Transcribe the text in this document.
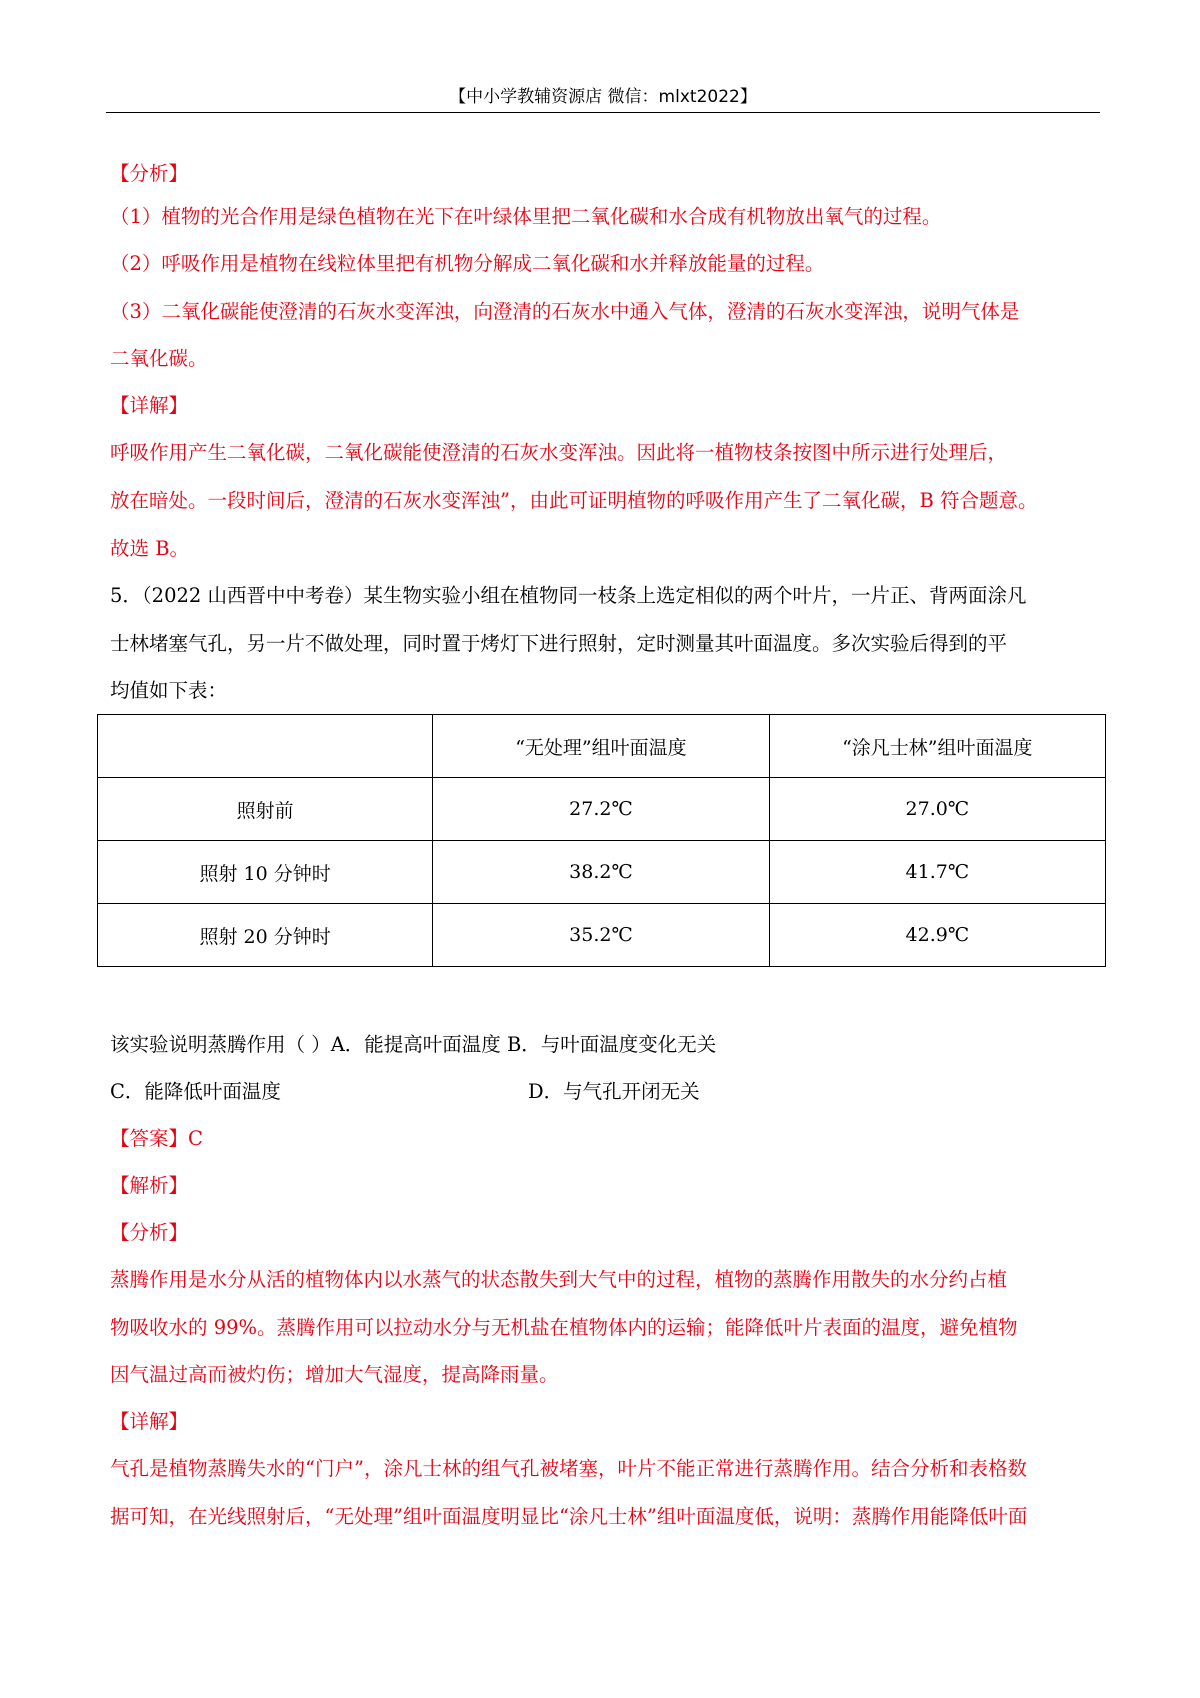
【中小学教辅资源店 微信：mlxt2022】
【分析】
（1）植物的光合作用是绿色植物在光下在叶绿体里把二氧化碳和水合成有机物放出氧气的过程。
（2）呼吸作用是植物在线粒体里把有机物分解成二氧化碳和水并释放能量的过程。
（3）二氧化碳能使澄清的石灰水变浑浊，向澄清的石灰水中通入气体，澄清的石灰水变浑浊，说明气体是
二氧化碳。
【详解】
呼吸作用产生二氧化碳，二氧化碳能使澄清的石灰水变浑浊。因此将一植物枝条按图中所示进行处理后，
放在暗处。一段时间后，澄清的石灰水变浑浊”，由此可证明植物的呼吸作用产生了二氧化碳，B 符合题意。
故选 B。
5．（2022 山西晋中中考卷）某生物实验小组在植物同一枝条上选定相似的两个叶片，一片正、背两面涂凡
士林堵塞气孔，另一片不做处理，同时置于烤灯下进行照射，定时测量其叶面温度。多次实验后得到的平
均值如下表：
	“无处理”组叶面温度	“涂凡士林”组叶面温度
照射前	27.2℃	27.0℃
照射 10 分钟时	38.2℃	41.7℃
照射 20 分钟时	35.2℃	42.9℃
该实验说明蒸腾作用（ ）A．能提高叶面温度 B．与叶面温度变化无关
C．能降低叶面温度	D．与气孔开闭无关
【答案】C
【解析】
【分析】
蒸腾作用是水分从活的植物体内以水蒸气的状态散失到大气中的过程，植物的蒸腾作用散失的水分约占植
物吸收水的 99%。蒸腾作用可以拉动水分与无机盐在植物体内的运输；能降低叶片表面的温度，避免植物
因气温过高而被灼伤；增加大气湿度，提高降雨量。
【详解】
气孔是植物蒸腾失水的“门户”，涂凡士林的组气孔被堵塞，叶片不能正常进行蒸腾作用。结合分析和表格数
据可知，在光线照射后，“无处理”组叶面温度明显比“涂凡士林”组叶面温度低，说明：蒸腾作用能降低叶面
